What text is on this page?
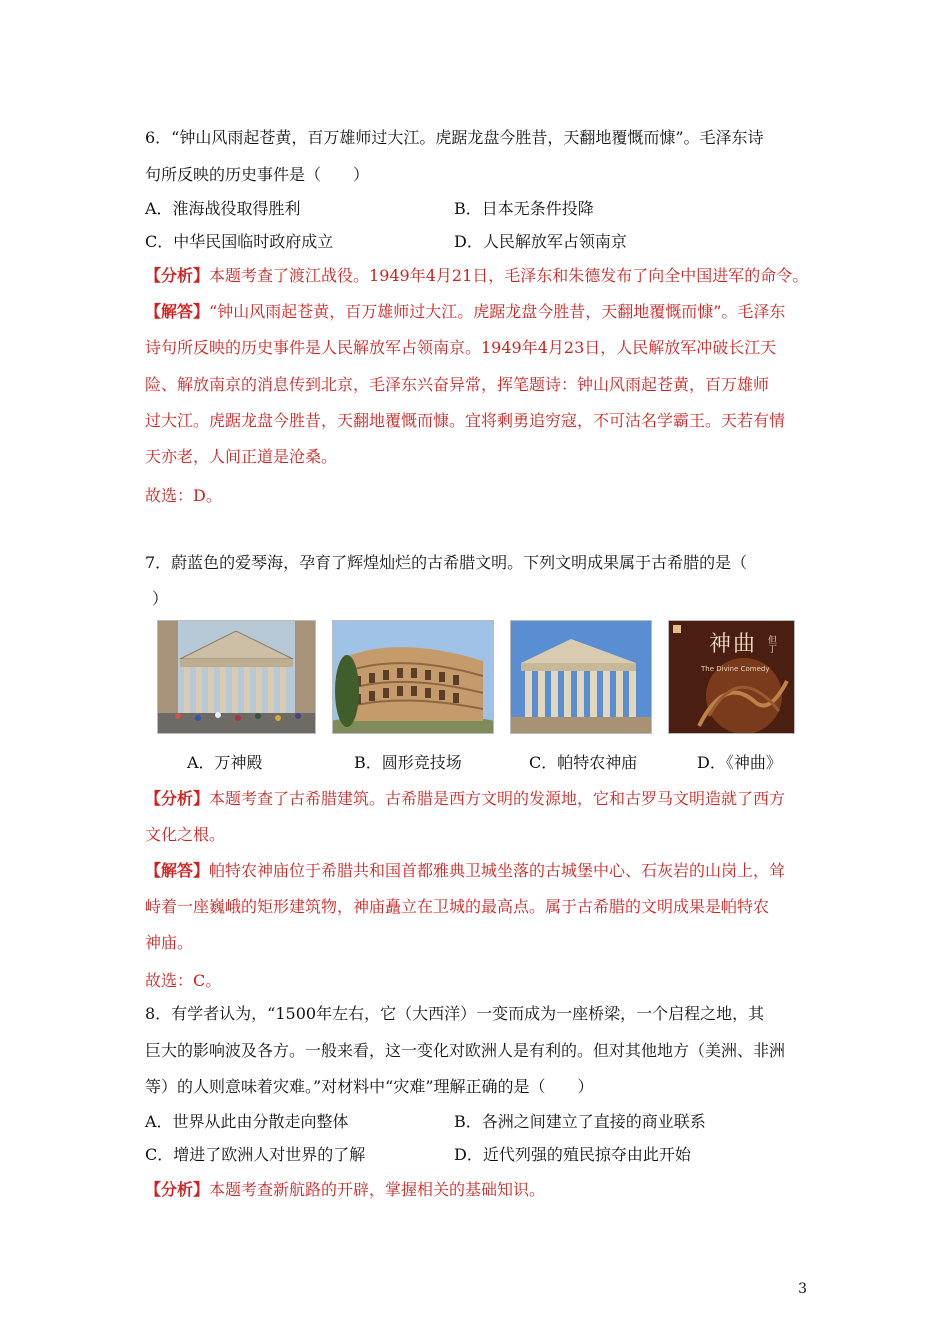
6．“钟山风雨起苍黄，百万雄师过大江。虎踞龙盘今胜昔，天翻地覆慨而慷”。毛泽东诗
句所反映的历史事件是（　　）
A．淮海战役取得胜利	B．日本无条件投降
C．中华民国临时政府成立	D．人民解放军占领南京
【分析】本题考查了渡江战役。1949年4月21日，毛泽东和朱德发布了向全中国进军的命令。
【解答】“钟山风雨起苍黄，百万雄师过大江。虎踞龙盘今胜昔，天翻地覆慨而慷”。毛泽东
诗句所反映的历史事件是人民解放军占领南京。1949年4月23日，人民解放军冲破长江天
险、解放南京的消息传到北京，毛泽东兴奋异常，挥笔题诗：钟山风雨起苍黄，百万雄师
过大江。虎踞龙盘今胜昔，天翻地覆慨而慷。宜将剩勇追穷寇，不可沽名学霸王。天若有情
天亦老，人间正道是沧桑。
故选：D。
7．蔚蓝色的爱琴海，孕育了辉煌灿烂的古希腊文明。下列文明成果属于古希腊的是（
）
神曲 但丁
The Divine Comedy
A．万神殿	B．圆形竞技场	C．帕特农神庙	D．《神曲》
【分析】本题考查了古希腊建筑。古希腊是西方文明的发源地，它和古罗马文明造就了西方
文化之根。
【解答】帕特农神庙位于希腊共和国首都雅典卫城坐落的古城堡中心、石灰岩的山岗上，耸
峙着一座巍峨的矩形建筑物，神庙矗立在卫城的最高点。属于古希腊的文明成果是帕特农
神庙。
故选：C。
8．有学者认为，“1500年左右，它（大西洋）一变而成为一座桥梁，一个启程之地，其
巨大的影响波及各方。一般来看，这一变化对欧洲人是有利的。但对其他地方（美洲、非洲
等）的人则意味着灾难。”对材料中“灾难”理解正确的是（　　）
A．世界从此由分散走向整体	B．各洲之间建立了直接的商业联系
C．增进了欧洲人对世界的了解	D．近代列强的殖民掠夺由此开始
【分析】本题考查新航路的开辟，掌握相关的基础知识。
3
